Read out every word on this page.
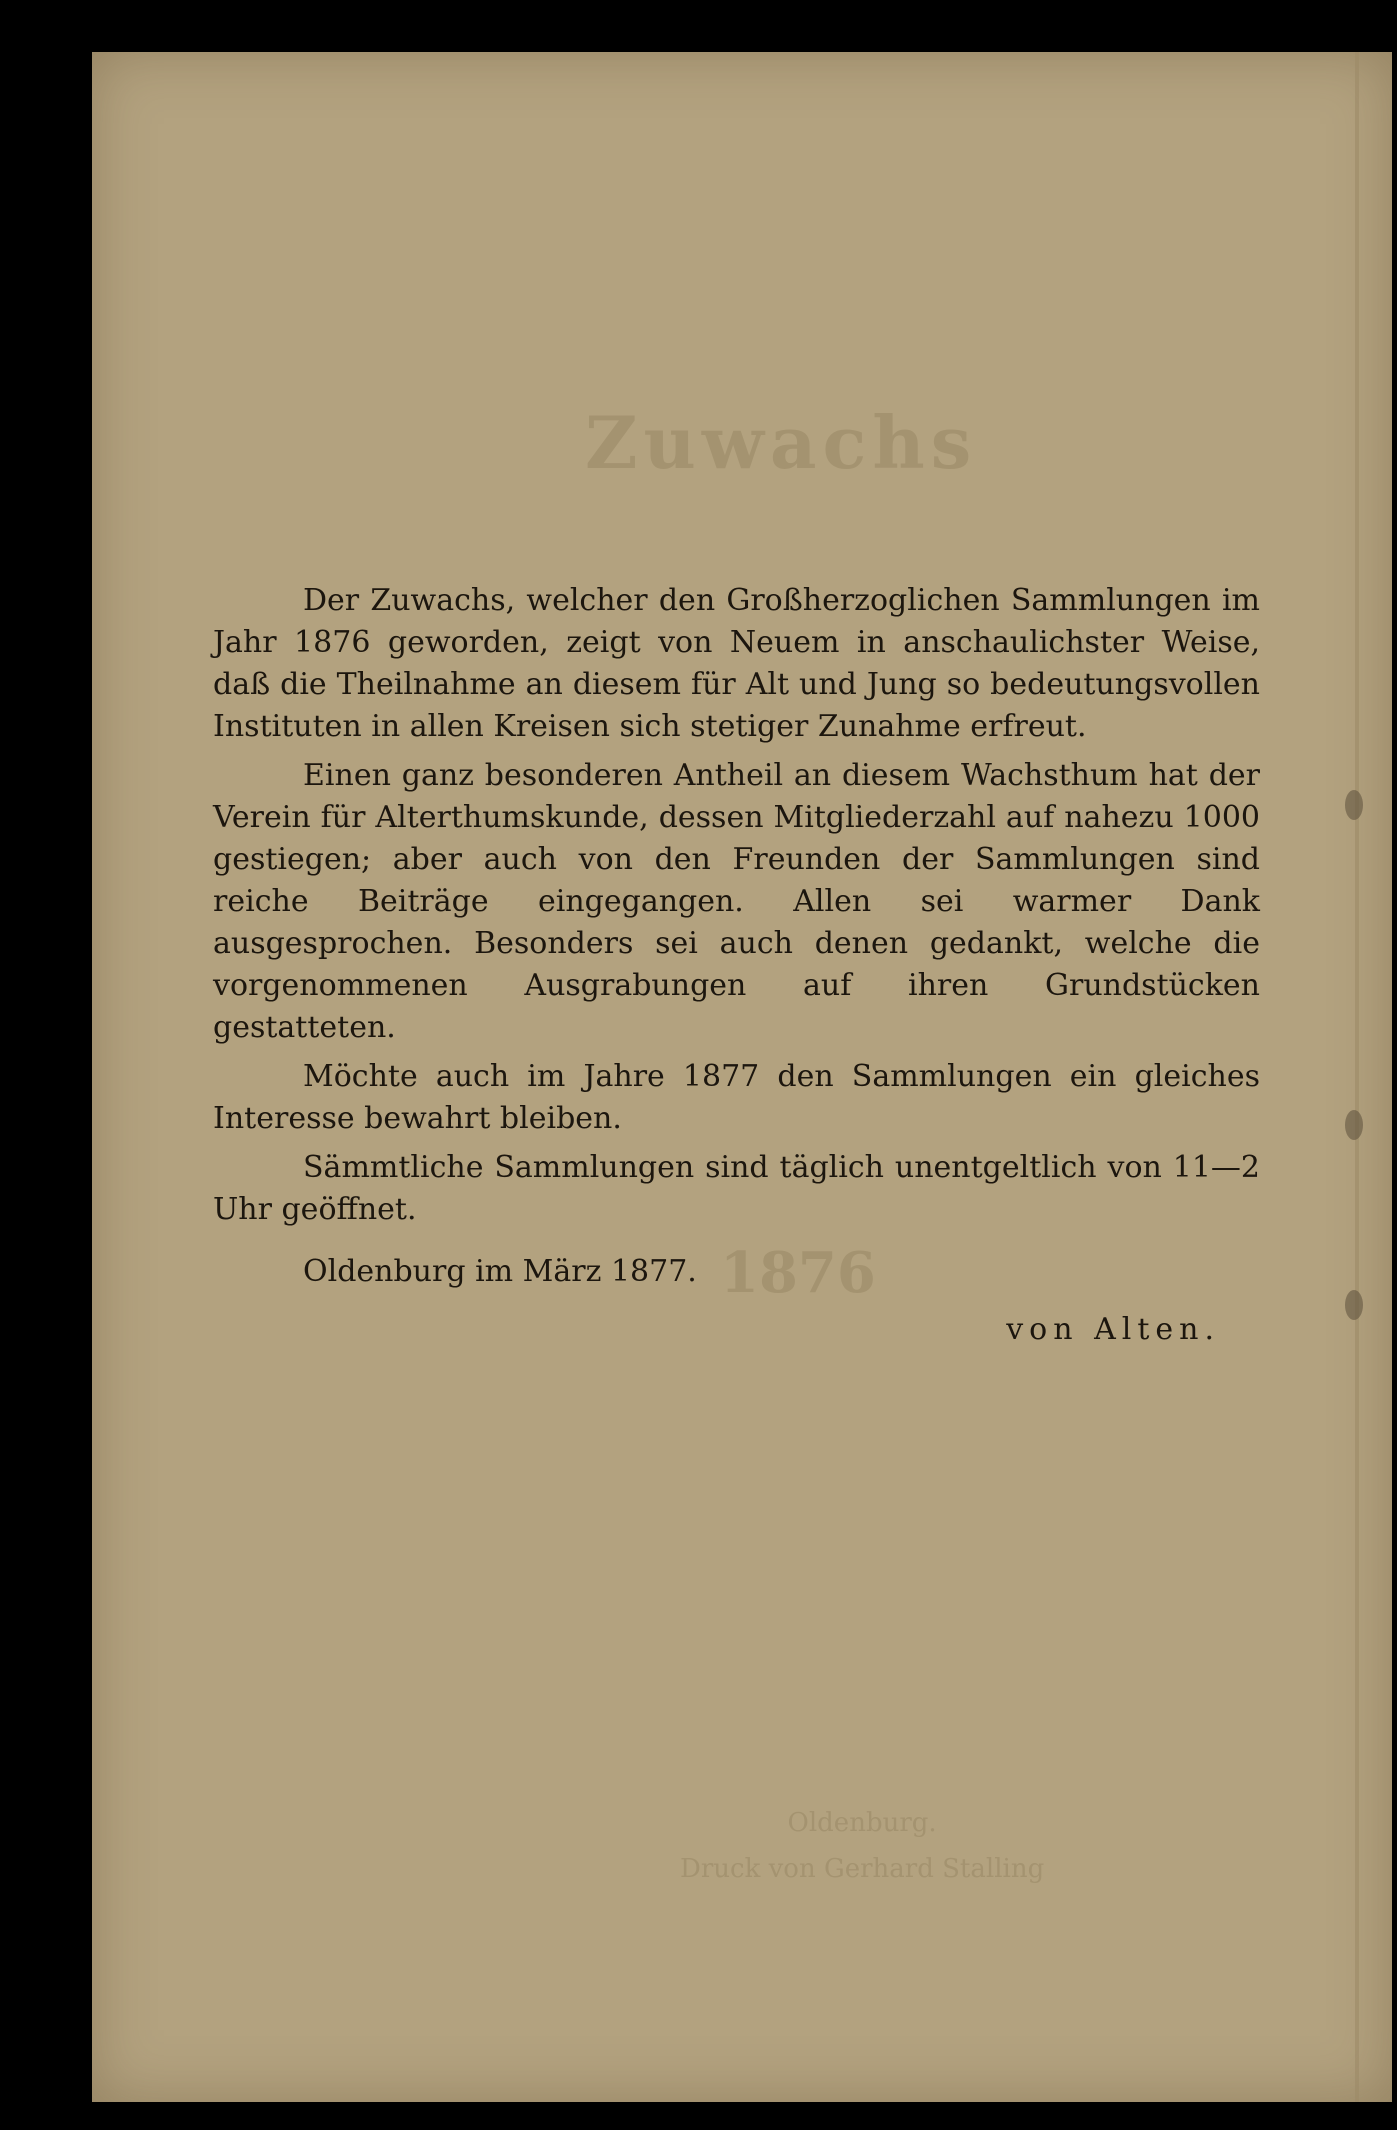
Zuwachs
1876
Oldenburg.
Druck von Gerhard Stalling

Der Zuwachs, welcher den Großherzoglichen Sammlungen im Jahr 1876 geworden, zeigt von Neuem in anschaulichster Weise, daß die Theilnahme an diesem für Alt und Jung so bedeutungsvollen Instituten in allen Kreisen sich stetiger Zunahme erfreut.

Einen ganz besonderen Antheil an diesem Wachsthum hat der Verein für Alterthumskunde, dessen Mitgliederzahl auf nahezu 1000 gestiegen; aber auch von den Freunden der Sammlungen sind reiche Beiträge eingegangen. Allen sei warmer Dank ausgesprochen. Besonders sei auch denen gedankt, welche die vorgenommenen Ausgrabungen auf ihren Grundstücken gestatteten.

Möchte auch im Jahre 1877 den Sammlungen ein gleiches Interesse bewahrt bleiben.

Sämmtliche Sammlungen sind täglich unentgeltlich von 11—2 Uhr geöffnet.

Oldenburg im März 1877.

von Alten.
